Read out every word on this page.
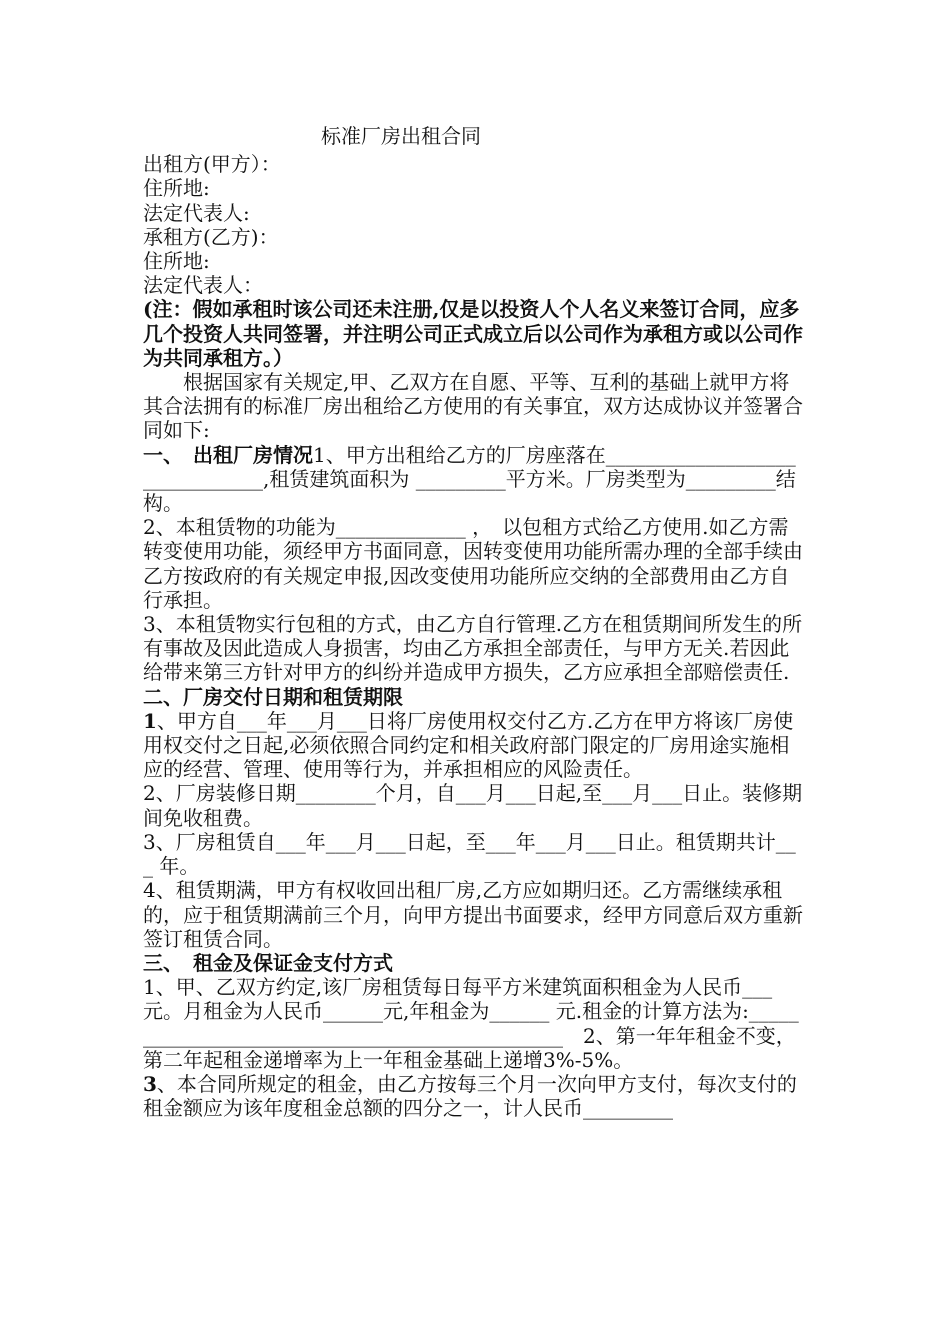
标准厂房出租合同

出租方(甲方）：

住所地:

法定代表人:

承租方(乙方)：

住所地:

法定代表人：

(注：假如承租时该公司还未注册,仅是以投资人个人名义来签订合同，应多几个投资人共同签署，并注明公司正式成立后以公司作为承租方或以公司作为共同承租方。）

根据国家有关规定,甲、乙双方在自愿、平等、互利的基础上就甲方将其合法拥有的标准厂房出租给乙方使用的有关事宜，双方达成协议并签署合同如下:

一、　出租厂房情况1、甲方出租给乙方的厂房座落在_______________________________,租赁建筑面积为 _________平方米。厂房类型为_________结构。

2、本租赁物的功能为_____________ ，　以包租方式给乙方使用.如乙方需转变使用功能，须经甲方书面同意，因转变使用功能所需办理的全部手续由乙方按政府的有关规定申报,因改变使用功能所应交纳的全部费用由乙方自行承担。

3、本租赁物实行包租的方式，由乙方自行管理.乙方在租赁期间所发生的所有事故及因此造成人身损害，均由乙方承担全部责任，与甲方无关.若因此给带来第三方针对甲方的纠纷并造成甲方损失，乙方应承担全部赔偿责任.二、厂房交付日期和租赁期限

1、甲方自___年___月___日将厂房使用权交付乙方.乙方在甲方将该厂房使用权交付之日起,必须依照合同约定和相关政府部门限定的厂房用途实施相应的经营、管理、使用等行为，并承担相应的风险责任。

2、厂房装修日期________个月，自___月___日起,至___月___日止。装修期间免收租费。

3、厂房租赁自___年___月___日起，至___年___月___日止。租赁期共计___ 年。

4、租赁期满，甲方有权收回出租厂房,乙方应如期归还。乙方需继续承租的，应于租赁期满前三个月，向甲方提出书面要求，经甲方同意后双方重新签订租赁合同。

三、　租金及保证金支付方式

1、甲、乙双方约定,该厂房租赁每日每平方米建筑面积租金为人民币___ 元。月租金为人民币______元,年租金为______ 元.租金的计算方法为:_______________________________________________　2、第一年年租金不变，第二年起租金递增率为上一年租金基础上递增3%-5%。

3、本合同所规定的租金，由乙方按每三个月一次向甲方支付，每次支付的租金额应为该年度租金总额的四分之一，计人民币_________
